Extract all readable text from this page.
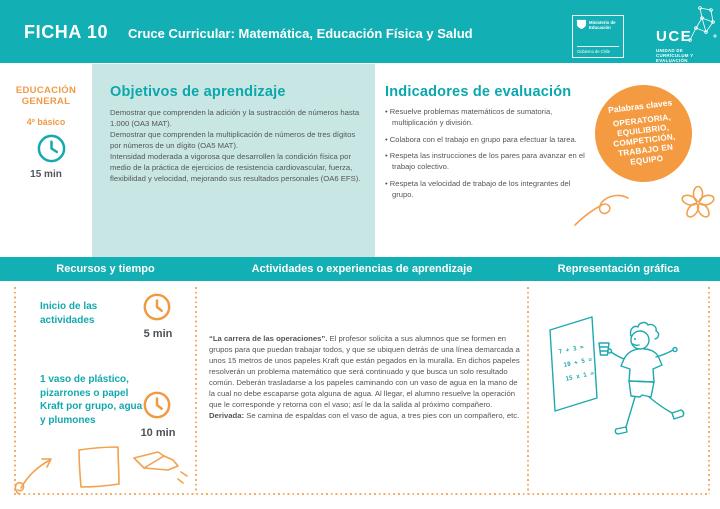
FICHA 10 Cruce Curricular: Matemática, Educación Física y Salud
Ministerio de
Educación
Gobierno de Chile
UCE
UNIDAD DE
CURRÍCULUM Y
EVALUACIÓN
EDUCACIÓN GENERAL
4º básico
15 min
Objetivos de aprendizaje

Demostrar que comprenden la adición y la sustracción de números hasta 1.000 (OA3 MAT).

Demostrar que comprenden la multiplicación de números de tres dígitos por números de un dígito (OA5 MAT).

Intensidad moderada a vigorosa que desarrollen la condición física por medio de la práctica de ejercicios de resistencia cardiovascular, fuerza, flexibilidad y velocidad, mejorando sus resultados personales (OA6 EFS).

Indicadores de evaluación
• Resuelve problemas matemáticos de sumatoria, multiplicación y división.
• Colabora con el trabajo en grupo para efectuar la tarea.
• Respeta las instrucciones de los pares para avanzar en el trabajo colectivo.
• Respeta la velocidad de trabajo de los integrantes del grupo.
Palabras claves
OPERATORIA, EQUILIBRIO, COMPETICIÓN, TRABAJO EN EQUIPO
Recursos y tiempo	Actividades o experiencias de aprendizaje	Representación gráfica
Inicio de las actividades
5 min
1 vaso de plástico, pizarrones o papel Kraft por grupo, agua y plumones
10 min

“La carrera de las operaciones”. El profesor solicita a sus alumnos que se formen en grupos para que puedan trabajar todos, y que se ubiquen detrás de una línea demarcada a unos 15 metros de unos papeles Kraft que están pegados en la muralla. En dichos papeles resolverán un problema matemático que será continuado y que busca un solo resultado común. Deberán trasladarse a los papeles caminando con un vaso de agua en la mano de la cual no debe escaparse gota alguna de agua. Al llegar, el alumno resuelve la operación que le corresponde y retorna con el vaso; así le da la salida al próximo compañero.

Derivada: Se camina de espaldas con el vaso de agua, a tres pies con un compañero, etc.

7 + 3 =
10 + 5 =
15 x 1 =
